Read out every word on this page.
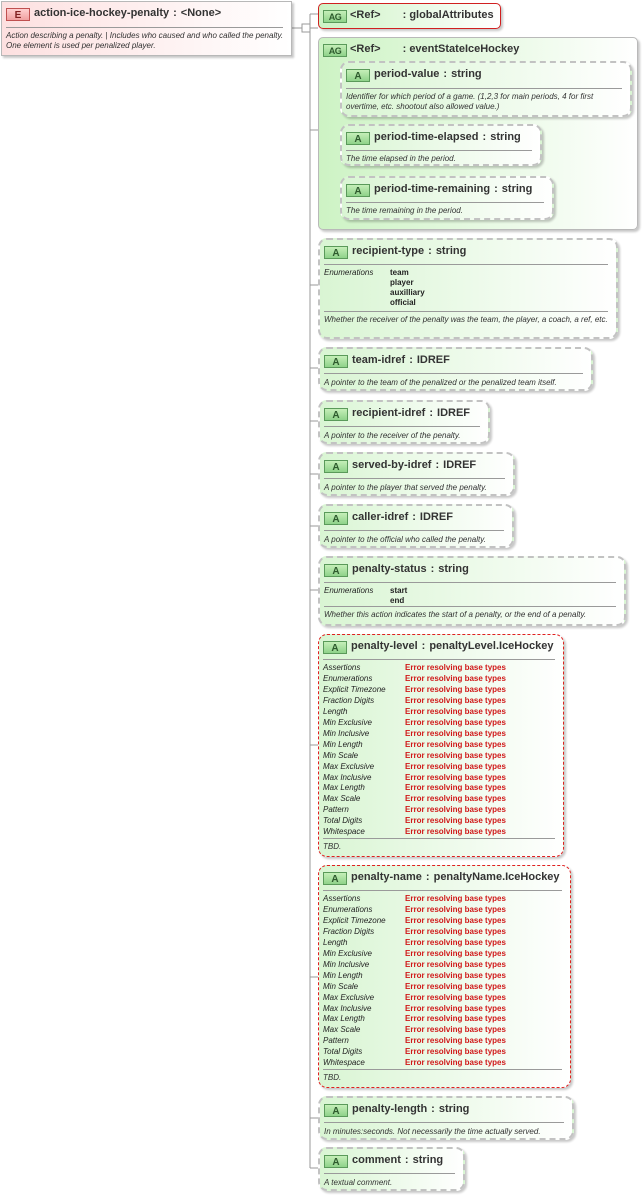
E	action-ice-hockey-penalty : <None>
Action describing a penalty. | Includes who caused and who called the penalty. One element is used per penalized player.
AG <Ref> : globalAttributes
AG <Ref> : eventStateIceHockey
A	period-value : string
Identifier for which period of a game. (1,2,3 for main periods, 4 for first overtime, etc. shootout also allowed value.)
A	period-time-elapsed : string
The time elapsed in the period.
A	period-time-remaining : string
The time remaining in the period.
A	recipient-type : string
Enumerations team
player
auxilliary
official
Whether the receiver of the penalty was the team, the player, a coach, a ref, etc.
A	team-idref : IDREF
A pointer to the team of the penalized or the penalized team itself.
A	recipient-idref : IDREF
A pointer to the receiver of the penalty.
A	served-by-idref : IDREF
A pointer to the player that served the penalty.
A	caller-idref : IDREF
A pointer to the official who called the penalty.
A	penalty-status : string
Enumerations start
end
Whether this action indicates the start of a penalty, or the end of a penalty.
A	penalty-level : penaltyLevel.IceHockey
Assertions	Error resolving base types
Enumerations	Error resolving base types
Explicit Timezone Error resolving base types
Fraction Digits	Error resolving base types
Length	Error resolving base types
Min Exclusive	Error resolving base types
Min Inclusive	Error resolving base types
Min Length	Error resolving base types
Min Scale	Error resolving base types
Max Exclusive	Error resolving base types
Max Inclusive	Error resolving base types
Max Length	Error resolving base types
Max Scale	Error resolving base types
Pattern	Error resolving base types
Total Digits	Error resolving base types
Whitespace	Error resolving base types
TBD.
A	penalty-name : penaltyName.IceHockey
Assertions	Error resolving base types
Enumerations	Error resolving base types
Explicit Timezone Error resolving base types
Fraction Digits	Error resolving base types
Length	Error resolving base types
Min Exclusive	Error resolving base types
Min Inclusive	Error resolving base types
Min Length	Error resolving base types
Min Scale	Error resolving base types
Max Exclusive	Error resolving base types
Max Inclusive	Error resolving base types
Max Length	Error resolving base types
Max Scale	Error resolving base types
Pattern	Error resolving base types
Total Digits	Error resolving base types
Whitespace	Error resolving base types
TBD.
A	penalty-length : string
In minutes:seconds. Not necessarily the time actually served.
A	comment : string
A textual comment.
